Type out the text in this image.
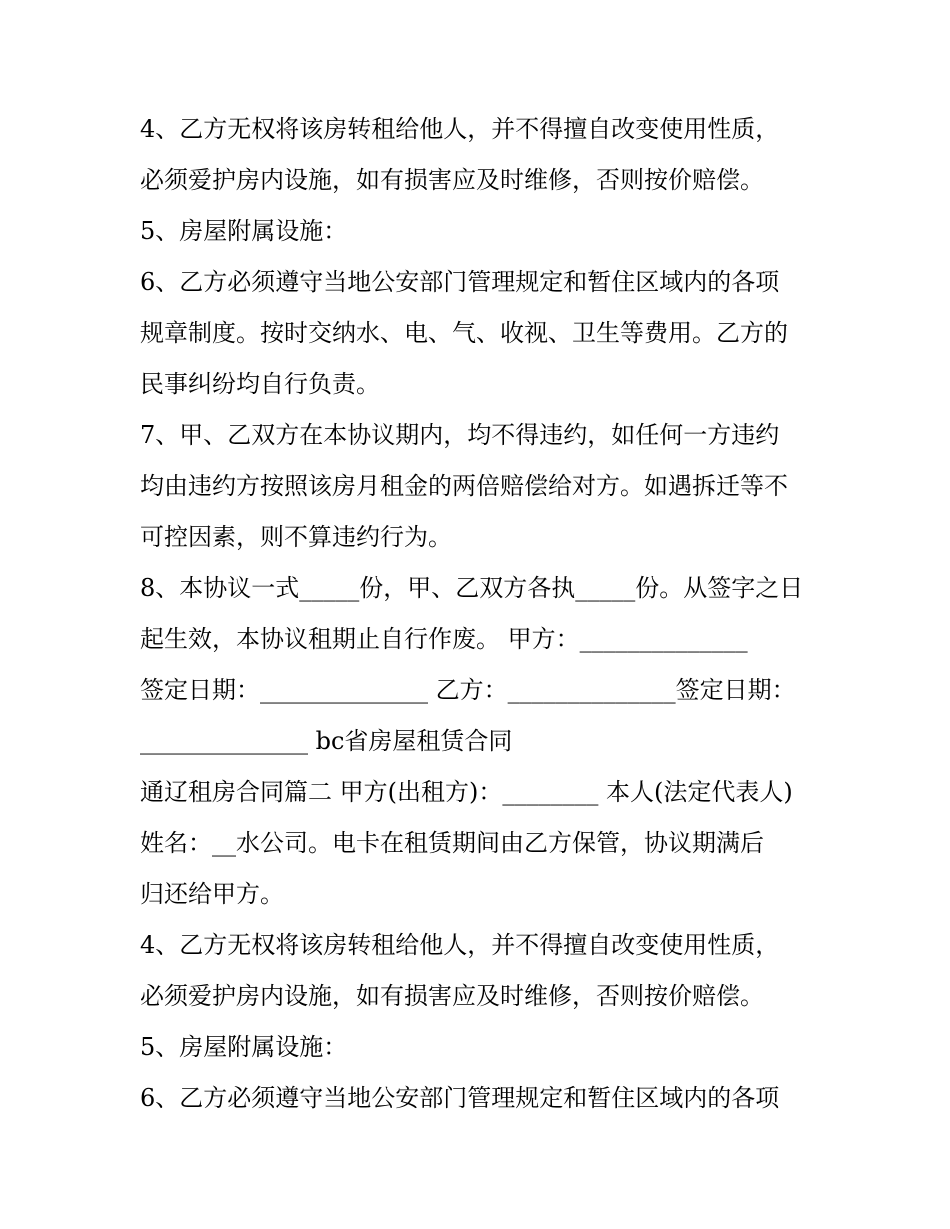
4、乙方无权将该房转租给他人，并不得擅自改变使用性质，
必须爱护房内设施，如有损害应及时维修，否则按价赔偿。
5、房屋附属设施：
6、乙方必须遵守当地公安部门管理规定和暂住区域内的各项
规章制度。按时交纳水、电、气、收视、卫生等费用。乙方的
民事纠纷均自行负责。
7、甲、乙双方在本协议期内，均不得违约，如任何一方违约
均由违约方按照该房月租金的两倍赔偿给对方。如遇拆迁等不
可控因素，则不算违约行为。
8、本协议一式_____份，甲、乙双方各执_____份。从签字之日
起生效，本协议租期止自行作废。 甲方：______________
签定日期：______________ 乙方：______________签定日期：
______________ bc省房屋租赁合同
通辽租房合同篇二 甲方(出租方)：________ 本人(法定代表人)
姓名：__水公司。电卡在租赁期间由乙方保管，协议期满后
归还给甲方。
4、乙方无权将该房转租给他人，并不得擅自改变使用性质，
必须爱护房内设施，如有损害应及时维修，否则按价赔偿。
5、房屋附属设施：
6、乙方必须遵守当地公安部门管理规定和暂住区域内的各项
